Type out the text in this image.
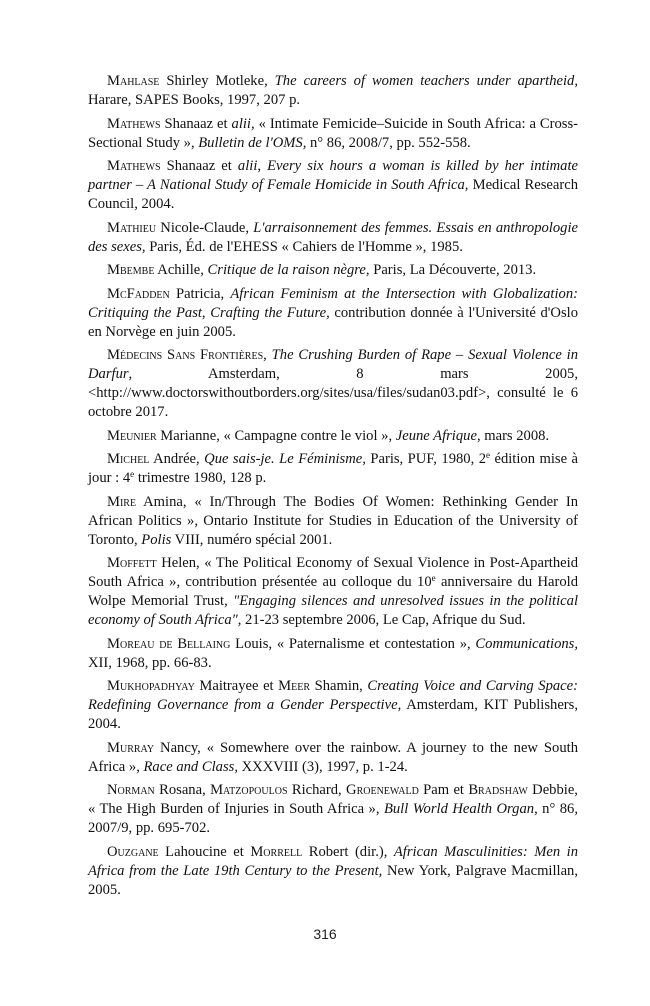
Mahlase Shirley Motleke, The careers of women teachers under apartheid, Harare, SAPES Books, 1997, 207 p.

Mathews Shanaaz et alii, « Intimate Femicide–Suicide in South Africa: a Cross-Sectional Study », Bulletin de l'OMS, n° 86, 2008/7, pp. 552-558.

Mathews Shanaaz et alii, Every six hours a woman is killed by her intimate partner – A National Study of Female Homicide in South Africa, Medical Research Council, 2004.

Mathieu Nicole-Claude, L'arraisonnement des femmes. Essais en anthropologie des sexes, Paris, Éd. de l'EHESS « Cahiers de l'Homme », 1985.

Mbembe Achille, Critique de la raison nègre, Paris, La Découverte, 2013.

McFadden Patricia, African Feminism at the Intersection with Globalization: Critiquing the Past, Crafting the Future, contribution donnée à l'Université d'Oslo en Norvège en juin 2005.

Médecins Sans Frontières, The Crushing Burden of Rape – Sexual Violence in Darfur, Amsterdam, 8 mars 2005, <http://www.doctorswithoutborders.org/sites/usa/files/sudan03.pdf>, consulté le 6 octobre 2017.

Meunier Marianne, « Campagne contre le viol », Jeune Afrique, mars 2008.

Michel Andrée, Que sais-je. Le Féminisme, Paris, PUF, 1980, 2e édition mise à jour : 4e trimestre 1980, 128 p.

Mire Amina, « In/Through The Bodies Of Women: Rethinking Gender In African Politics », Ontario Institute for Studies in Education of the University of Toronto, Polis VIII, numéro spécial 2001.

Moffett Helen, « The Political Economy of Sexual Violence in Post-Apartheid South Africa », contribution présentée au colloque du 10e anniversaire du Harold Wolpe Memorial Trust, "Engaging silences and unresolved issues in the political economy of South Africa", 21-23 septembre 2006, Le Cap, Afrique du Sud.

Moreau de Bellaing Louis, « Paternalisme et contestation », Communications, XII, 1968, pp. 66-83.

Mukhopadhyay Maitrayee et Meer Shamin, Creating Voice and Carving Space: Redefining Governance from a Gender Perspective, Amsterdam, KIT Publishers, 2004.

Murray Nancy, « Somewhere over the rainbow. A journey to the new South Africa », Race and Class, XXXVIII (3), 1997, p. 1-24.

Norman Rosana, Matzopoulos Richard, Groenewald Pam et Bradshaw Debbie, « The High Burden of Injuries in South Africa », Bull World Health Organ, n° 86, 2007/9, pp. 695-702.

Ouzgane Lahoucine et Morrell Robert (dir.), African Masculinities: Men in Africa from the Late 19th Century to the Present, New York, Palgrave Macmillan, 2005.

316
